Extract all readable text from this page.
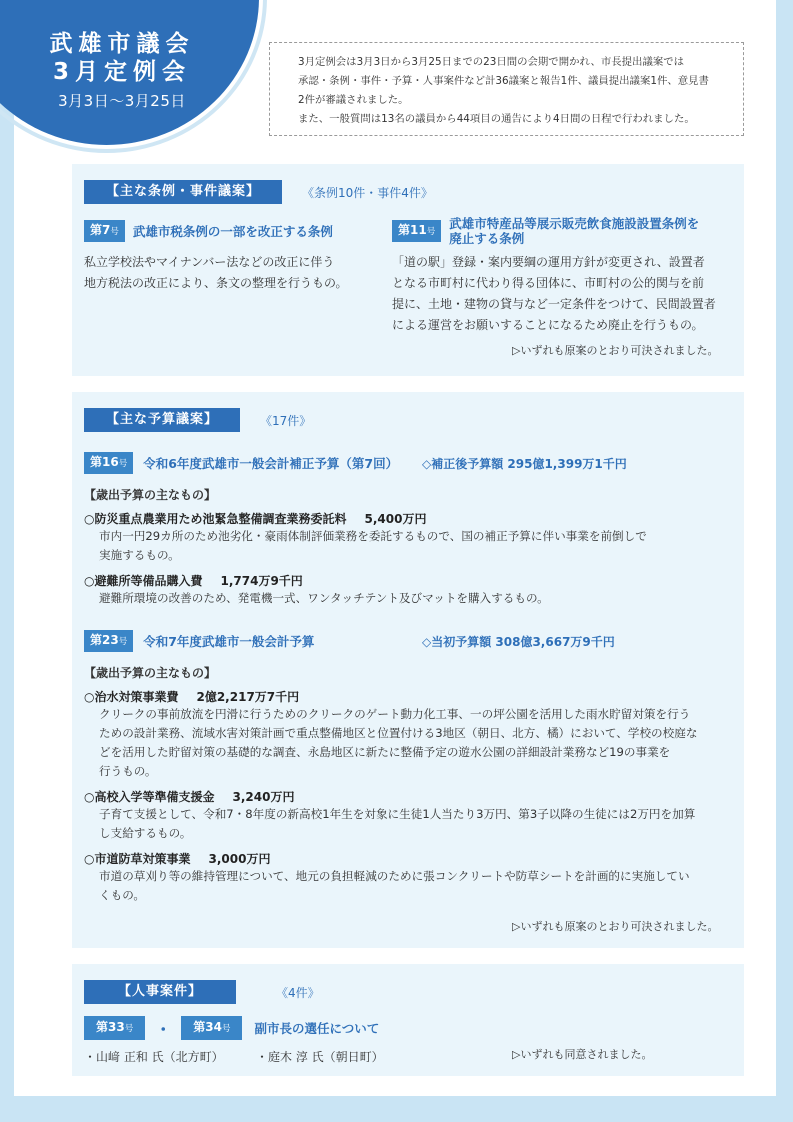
武雄市議会
3月定例会
3月3日〜3月25日
3月定例会は3月3日から3月25日までの23日間の会期で開かれ、市長提出議案では
承認・条例・事件・予算・人事案件など計36議案と報告1件、議員提出議案1件、意見書
2件が審議されました。
また、一般質問は13名の議員から44項目の通告により4日間の日程で行われました。
【主な条例・事件議案】	《条例10件・事件4件》
第7号	武雄市税条例の一部を改正する条例
私立学校法やマイナンバー法などの改正に伴う
地方税法の改正により、条文の整理を行うもの。
第11号
武雄市特産品等展示販売飲食施設設置条例を
廃止する条例
「道の駅」登録・案内要綱の運用方針が変更され、設置者
となる市町村に代わり得る団体に、市町村の公的関与を前
提に、土地・建物の貸与など一定条件をつけて、民間設置者
による運営をお願いすることになるため廃止を行うもの。
▷いずれも原案のとおり可決されました。
【主な予算議案】	《17件》
第16号	令和6年度武雄市一般会計補正予算（第7回） ◇補正後予算額 295億1,399万1千円
【歳出予算の主なもの】
○防災重点農業用ため池緊急整備調査業務委託料 5,400万円
市内一円29カ所のため池劣化・豪雨体制評価業務を委託するもので、国の補正予算に伴い事業を前倒しで
実施するもの。
○避難所等備品購入費 1,774万9千円
避難所環境の改善のため、発電機一式、ワンタッチテント及びマットを購入するもの。
第23号	令和7年度武雄市一般会計予算	◇当初予算額 308億3,667万9千円
【歳出予算の主なもの】
○治水対策事業費 2億2,217万7千円
クリークの事前放流を円滑に行うためのクリークのゲート動力化工事、一の坪公園を活用した雨水貯留対策を行う
ための設計業務、流域水害対策計画で重点整備地区と位置付ける3地区（朝日、北方、橘）において、学校の校庭な
どを活用した貯留対策の基礎的な調査、永島地区に新たに整備予定の遊水公園の詳細設計業務など19の事業を
行うもの。
○高校入学等準備支援金 3,240万円
子育て支援として、令和7・8年度の新高校1年生を対象に生徒1人当たり3万円、第3子以降の生徒には2万円を加算
し支給するもの。
○市道防草対策事業 3,000万円
市道の草刈り等の維持管理について、地元の負担軽減のために張コンクリートや防草シートを計画的に実施してい
くもの。
▷いずれも原案のとおり可決されました。
【人事案件】	《4件》
第33号	・	第34号	副市長の選任について
・山﨑 正和 氏（北方町）	・庭木 淳 氏（朝日町）	▷いずれも同意されました。
